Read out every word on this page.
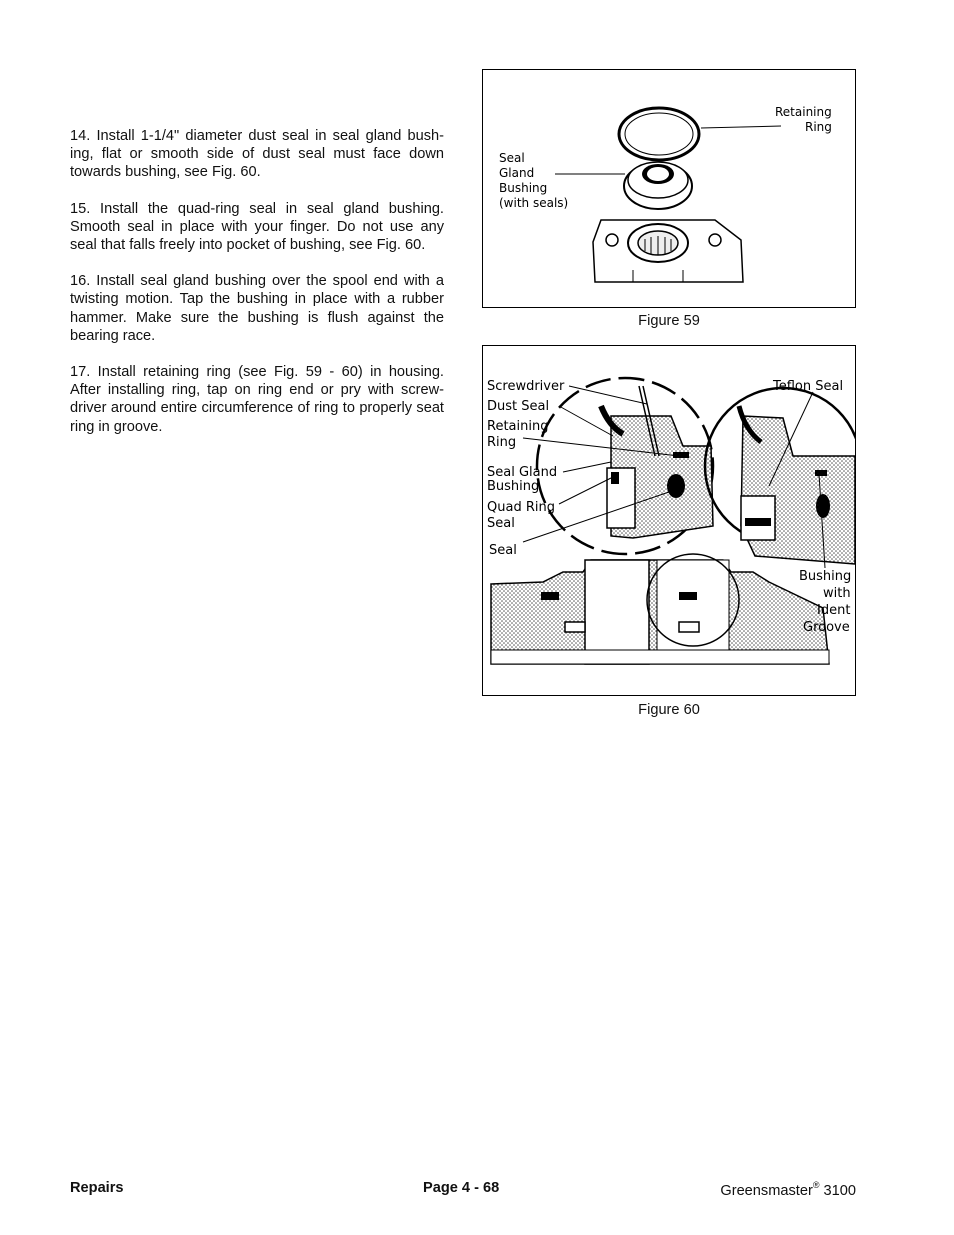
14. Install 1-1/4" diameter dust seal in seal gland bush-ing, flat or smooth side of dust seal must face down towards bushing, see Fig. 60.

15. Install the quad-ring seal in seal gland bushing. Smooth seal in place with your finger. Do not use any seal that falls freely into pocket of bushing, see Fig. 60.

16. Install seal gland bushing over the spool end with a twisting motion. Tap the bushing in place with a rubber hammer. Make sure the bushing is flush against the bearing race.

17. Install retaining ring (see Fig. 59 - 60) in housing. After installing ring, tap on ring end or pry with screw-driver around entire circumference of ring to properly seat ring in groove.

Retaining
Ring
Seal
Gland
Bushing
(with seals)
Figure 59
Screwdriver
Dust Seal
Retaining
Ring
Seal Gland
Bushing
Quad Ring
Seal
Seal
Teflon Seal
Bushing
with
Ident
Groove
Figure 60
Repairs	Page 4 - 68	Greensmaster® 3100
